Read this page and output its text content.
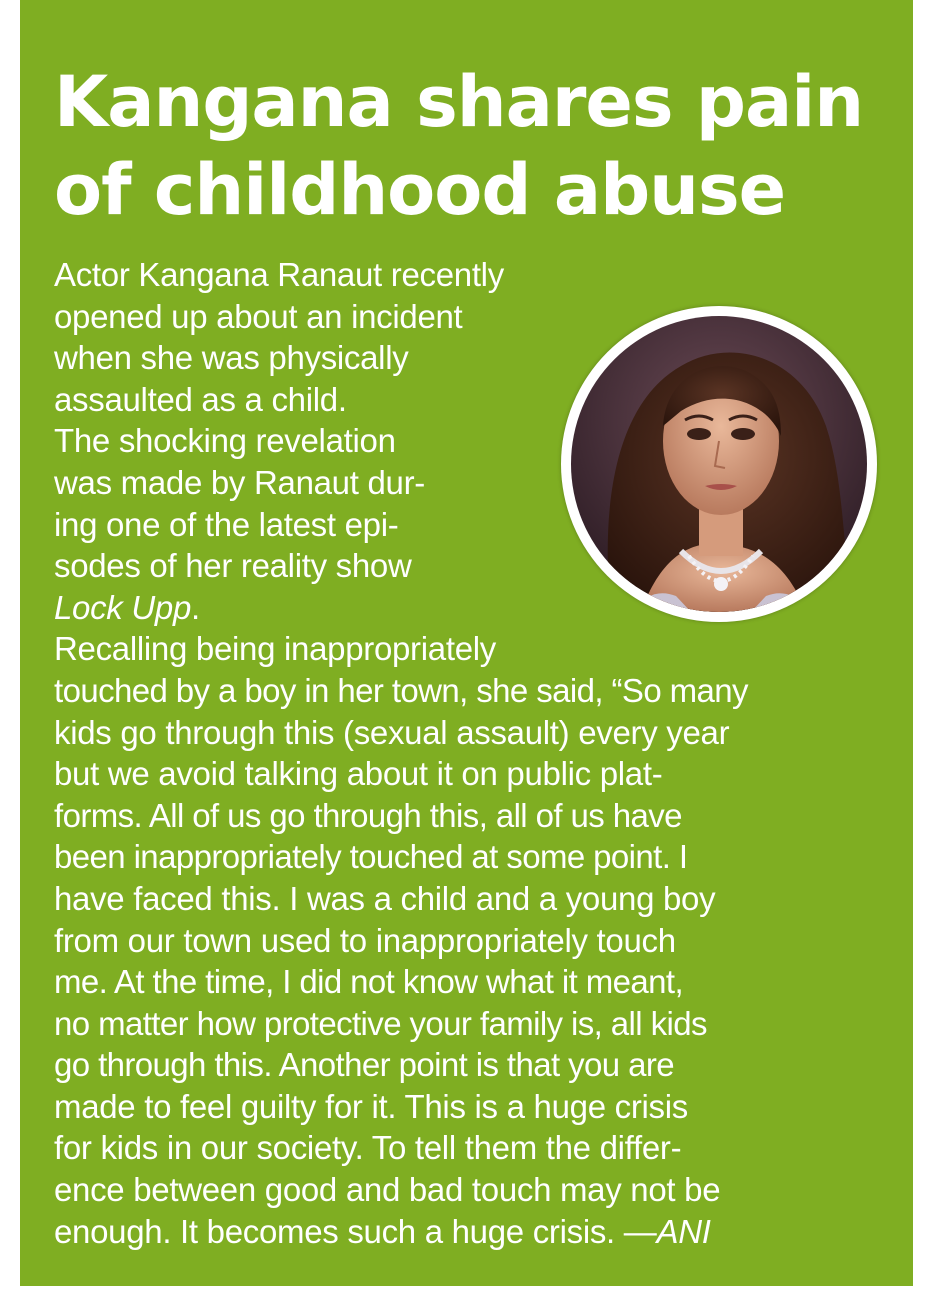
Kangana shares pain
of childhood abuse
Actor Kangana Ranaut recently
opened up about an incident
when she was physically
assaulted as a child.
The shocking revelation
was made by Ranaut dur-
ing one of the latest epi-
sodes of her reality show
Lock Upp.
Recalling being inappropriately
touched by a boy in her town, she said, “So many
kids go through this (sexual assault) every year
but we avoid talking about it on public plat-
forms. All of us go through this, all of us have
been inappropriately touched at some point. I
have faced this. I was a child and a young boy
from our town used to inappropriately touch
me. At the time, I did not know what it meant,
no matter how protective your family is, all kids
go through this. Another point is that you are
made to feel guilty for it. This is a huge crisis
for kids in our society. To tell them the differ-
ence between good and bad touch may not be
enough. It becomes such a huge crisis. —ANI
